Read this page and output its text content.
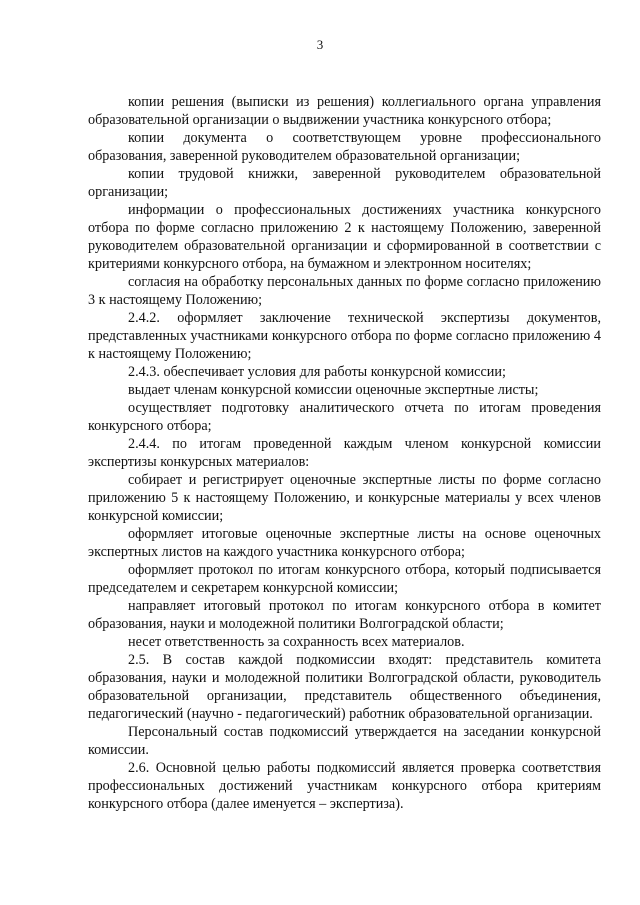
3

копии решения (выписки из решения) коллегиального органа управления образовательной организации о выдвижении участника конкурсного отбора;

копии документа о соответствующем уровне профессионального образования, заверенной руководителем образовательной организации;

копии трудовой книжки, заверенной руководителем образовательной организации;

информации о профессиональных достижениях участника конкурсного отбора по форме согласно приложению 2 к настоящему Положению, заверенной руководителем образовательной организации и сформированной в соответствии с критериями конкурсного отбора, на бумажном и электронном носителях;

согласия на обработку персональных данных по форме согласно приложению 3 к настоящему Положению;

2.4.2. оформляет заключение технической экспертизы документов, представленных участниками конкурсного отбора по форме согласно приложению 4 к настоящему Положению;

2.4.3. обеспечивает условия для работы конкурсной комиссии;

выдает членам конкурсной комиссии оценочные экспертные листы;

осуществляет подготовку аналитического отчета по итогам проведения конкурсного отбора;

2.4.4. по итогам проведенной каждым членом конкурсной комиссии экспертизы конкурсных материалов:

собирает и регистрирует оценочные экспертные листы по форме согласно приложению 5 к настоящему Положению, и конкурсные материалы у всех членов конкурсной комиссии;

оформляет итоговые оценочные экспертные листы на основе оценочных экспертных листов на каждого участника конкурсного отбора;

оформляет протокол по итогам конкурсного отбора, который подписывается председателем и секретарем конкурсной комиссии;

направляет итоговый протокол по итогам конкурсного отбора в комитет образования, науки и молодежной политики Волгоградской области;

несет ответственность за сохранность всех материалов.

2.5. В состав каждой подкомиссии входят: представитель комитета образования, науки и молодежной политики Волгоградской области, руководитель образовательной организации, представитель общественного объединения, педагогический (научно - педагогический) работник образовательной организации.

Персональный состав подкомиссий утверждается на заседании конкурсной комиссии.

2.6. Основной целью работы подкомиссий является проверка соответствия профессиональных достижений участникам конкурсного отбора критериям конкурсного отбора (далее именуется – экспертиза).
